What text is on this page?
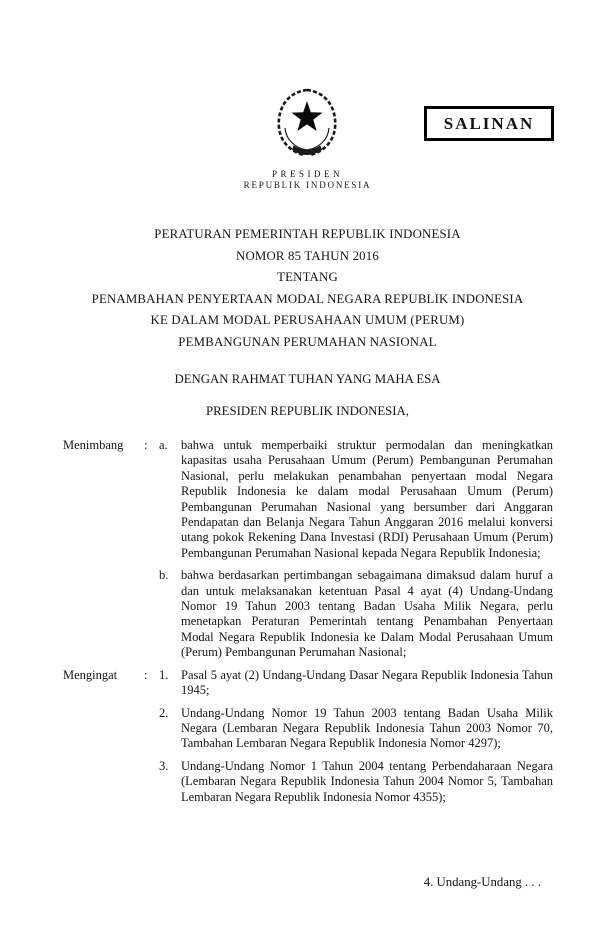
SALINAN
PRESIDEN
REPUBLIK INDONESIA
PERATURAN PEMERINTAH REPUBLIK INDONESIA
NOMOR 85 TAHUN 2016
TENTANG
PENAMBAHAN PENYERTAAN MODAL NEGARA REPUBLIK INDONESIA
KE DALAM MODAL PERUSAHAAN UMUM (PERUM)
PEMBANGUNAN PERUMAHAN NASIONAL
DENGAN RAHMAT TUHAN YANG MAHA ESA
PRESIDEN REPUBLIK INDONESIA,
Menimbang	: a.	bahwa untuk memperbaiki struktur permodalan dan meningkatkan kapasitas usaha Perusahaan Umum (Perum) Pembangunan Perumahan Nasional, perlu melakukan penambahan penyertaan modal Negara Republik Indonesia ke dalam modal Perusahaan Umum (Perum) Pembangunan Perumahan Nasional yang bersumber dari Anggaran Pendapatan dan Belanja Negara Tahun Anggaran 2016 melalui konversi utang pokok Rekening Dana Investasi (RDI) Perusahaan Umum (Perum) Pembangunan Perumahan Nasional kepada Negara Republik Indonesia;
b.	bahwa berdasarkan pertimbangan sebagaimana dimaksud dalam huruf a dan untuk melaksanakan ketentuan Pasal 4 ayat (4) Undang-Undang Nomor 19 Tahun 2003 tentang Badan Usaha Milik Negara, perlu menetapkan Peraturan Pemerintah tentang Penambahan Penyertaan Modal Negara Republik Indonesia ke Dalam Modal Perusahaan Umum (Perum) Pembangunan Perumahan Nasional;
Mengingat	: 1.	Pasal 5 ayat (2) Undang-Undang Dasar Negara Republik Indonesia Tahun 1945;
2.	Undang-Undang Nomor 19 Tahun 2003 tentang Badan Usaha Milik Negara (Lembaran Negara Republik Indonesia Tahun 2003 Nomor 70, Tambahan Lembaran Negara Republik Indonesia Nomor 4297);
3.	Undang-Undang Nomor 1 Tahun 2004 tentang Perbendaharaan Negara (Lembaran Negara Republik Indonesia Tahun 2004 Nomor 5, Tambahan Lembaran Negara Republik Indonesia Nomor 4355);
4. Undang-Undang . . .
